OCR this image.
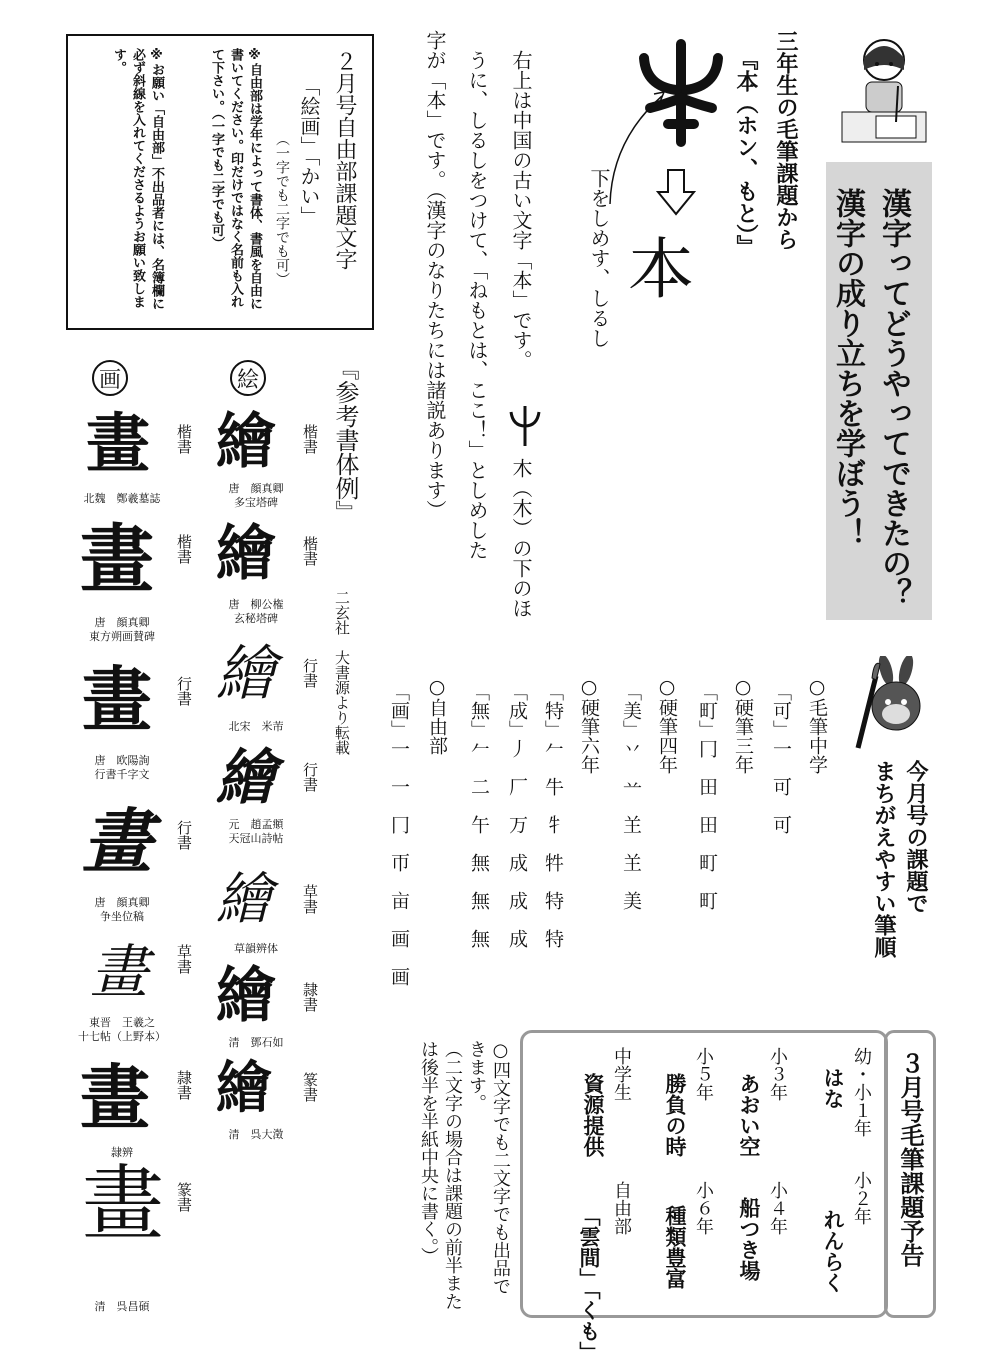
漢字ってどうやってできたの？
漢字の成り立ちを学ぼう！
三年生の毛筆課題から
『本（ホン、もと）』
下をしめす、しるし 本
右上は中国の古い文字「本」です。
木（木）の下のほ
うに、しるしをつけて、「ねもとは、ここ！」としめした
字が「本」です。（漢字のなりたちには諸説あります）
２月号自由部課題文字
「絵画」「かい」
（一字でも二字でも可）
※自由部は学年によって書体、書風を自由に書いてください。印だけではなく名前も入れて下さい。（一字でも二字でも可）
※お願い「自由部」不出品者には、名簿欄に必ず斜線を入れてくださるようお願い致します。
『参考書体例』
二玄社　大書源より転載
絵
画
繪 楷書
唐　顔真卿
多宝塔碑
繪 楷書
唐　柳公権
玄秘塔碑
繪 行書
北宋　米芾
繪 行書
元　趙孟頫
天冠山詩帖
繪 草書
草韻辨体
繪 隷書
清　鄧石如
繪 篆書
清　呉大澂
畫 楷書
北魏　鄭羲墓誌
畫 楷書
唐　顔真卿
東方朔画賛碑
畫 行書
唐　欧陽詢
行書千字文
畫 行書
唐　顔真卿
争坐位稿
畫 草書
東晋　王羲之
十七帖（上野本）
畫 隷書
隷辨
畫 篆書
清　呉昌碩
今月号の課題で
まちがえやすい筆順
○毛筆中学
「可」一　可　可
○硬筆三年
「町」冂　田　田　町　町
○硬筆四年
「美」丷　䒑　𦍌　𦍌　美
○硬筆六年
「特」𠂉　牛　牜　牪　特　特
「成」丿　厂　万　成　成　成
「無」𠂉　二　午　無　無　無
○自由部
「画」一　一　冂　帀　亩　画　画
３月号毛筆課題予告
幼・小１年
はな
小２年
れんらく
小３年
あおい空
小４年
船つき場
小５年
勝負の時
小６年
種類豊富
中学生
資源提供
自由部
「雲間」「くも」
○四文字でも二文字でも出品できます。
（二文字の場合は課題の前半または後半を半紙中央に書く。）
